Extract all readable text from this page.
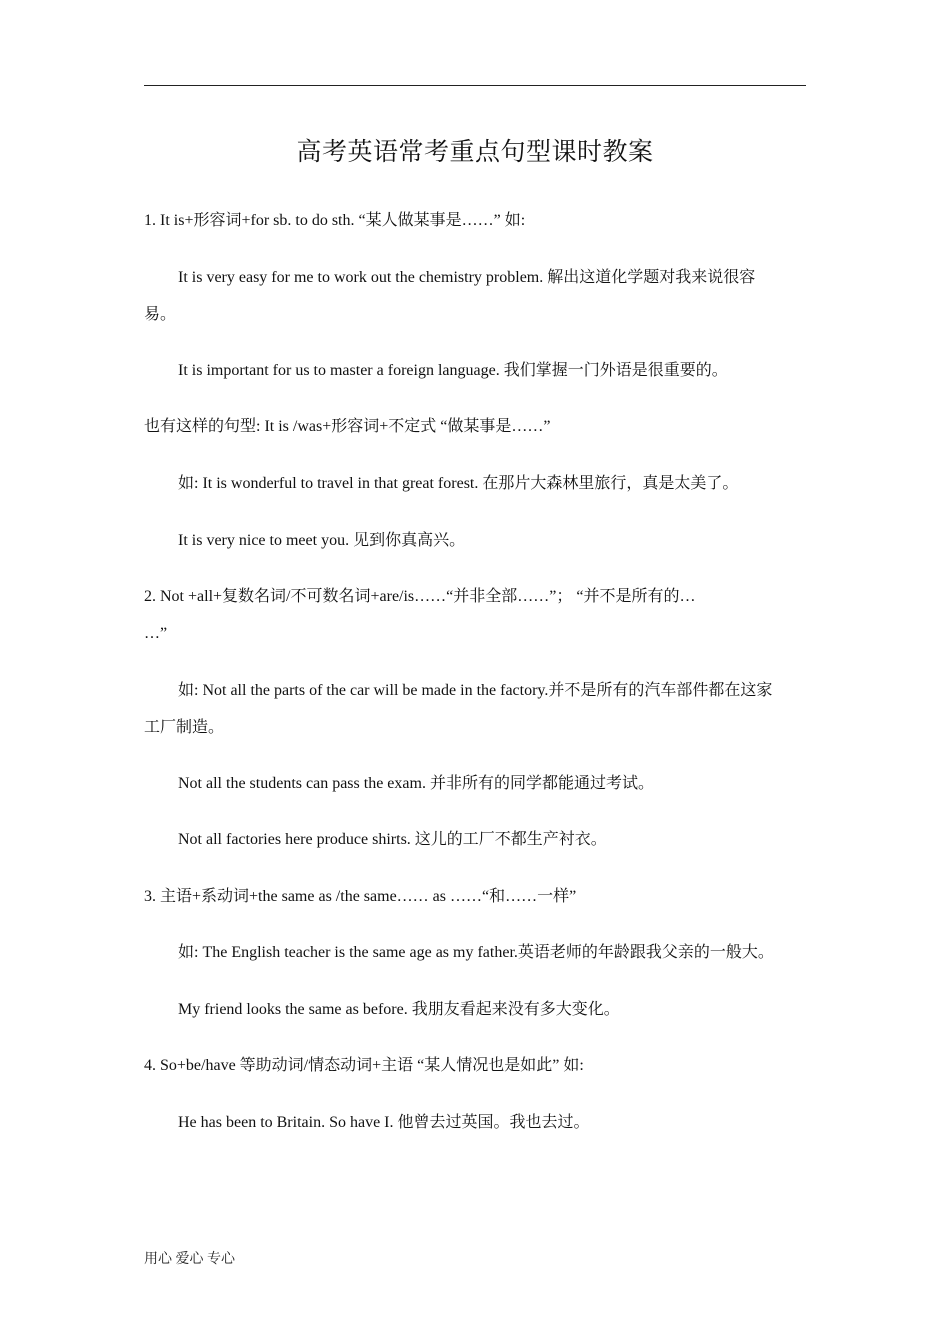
高考英语常考重点句型课时教案
1. It is+形容词+for sb. to do sth. “某人做某事是……” 如:
It is very easy for me to work out the chemistry problem. 解出这道化学题对我来说很容
易。
It is important for us to master a foreign language. 我们掌握一门外语是很重要的。
也有这样的句型: It is /was+形容词+不定式 “做某事是……”
如: It is wonderful to travel in that great forest. 在那片大森林里旅行，真是太美了。
It is very nice to meet you. 见到你真高兴。
2. Not +all+复数名词/不可数名词+are/is……“并非全部……”； “并不是所有的…
…”
如: Not all the parts of the car will be made in the factory.并不是所有的汽车部件都在这家
工厂制造。
Not all the students can pass the exam. 并非所有的同学都能通过考试。
Not all factories here produce shirts. 这儿的工厂不都生产衬衣。
3. 主语+系动词+the same as /the same…… as ……“和……一样”
如: The English teacher is the same age as my father.英语老师的年龄跟我父亲的一般大。
My friend looks the same as before. 我朋友看起来没有多大变化。
4. So+be/have 等助动词/情态动词+主语 “某人情况也是如此” 如:
He has been to Britain. So have I. 他曾去过英国。我也去过。
用心 爱心 专心
